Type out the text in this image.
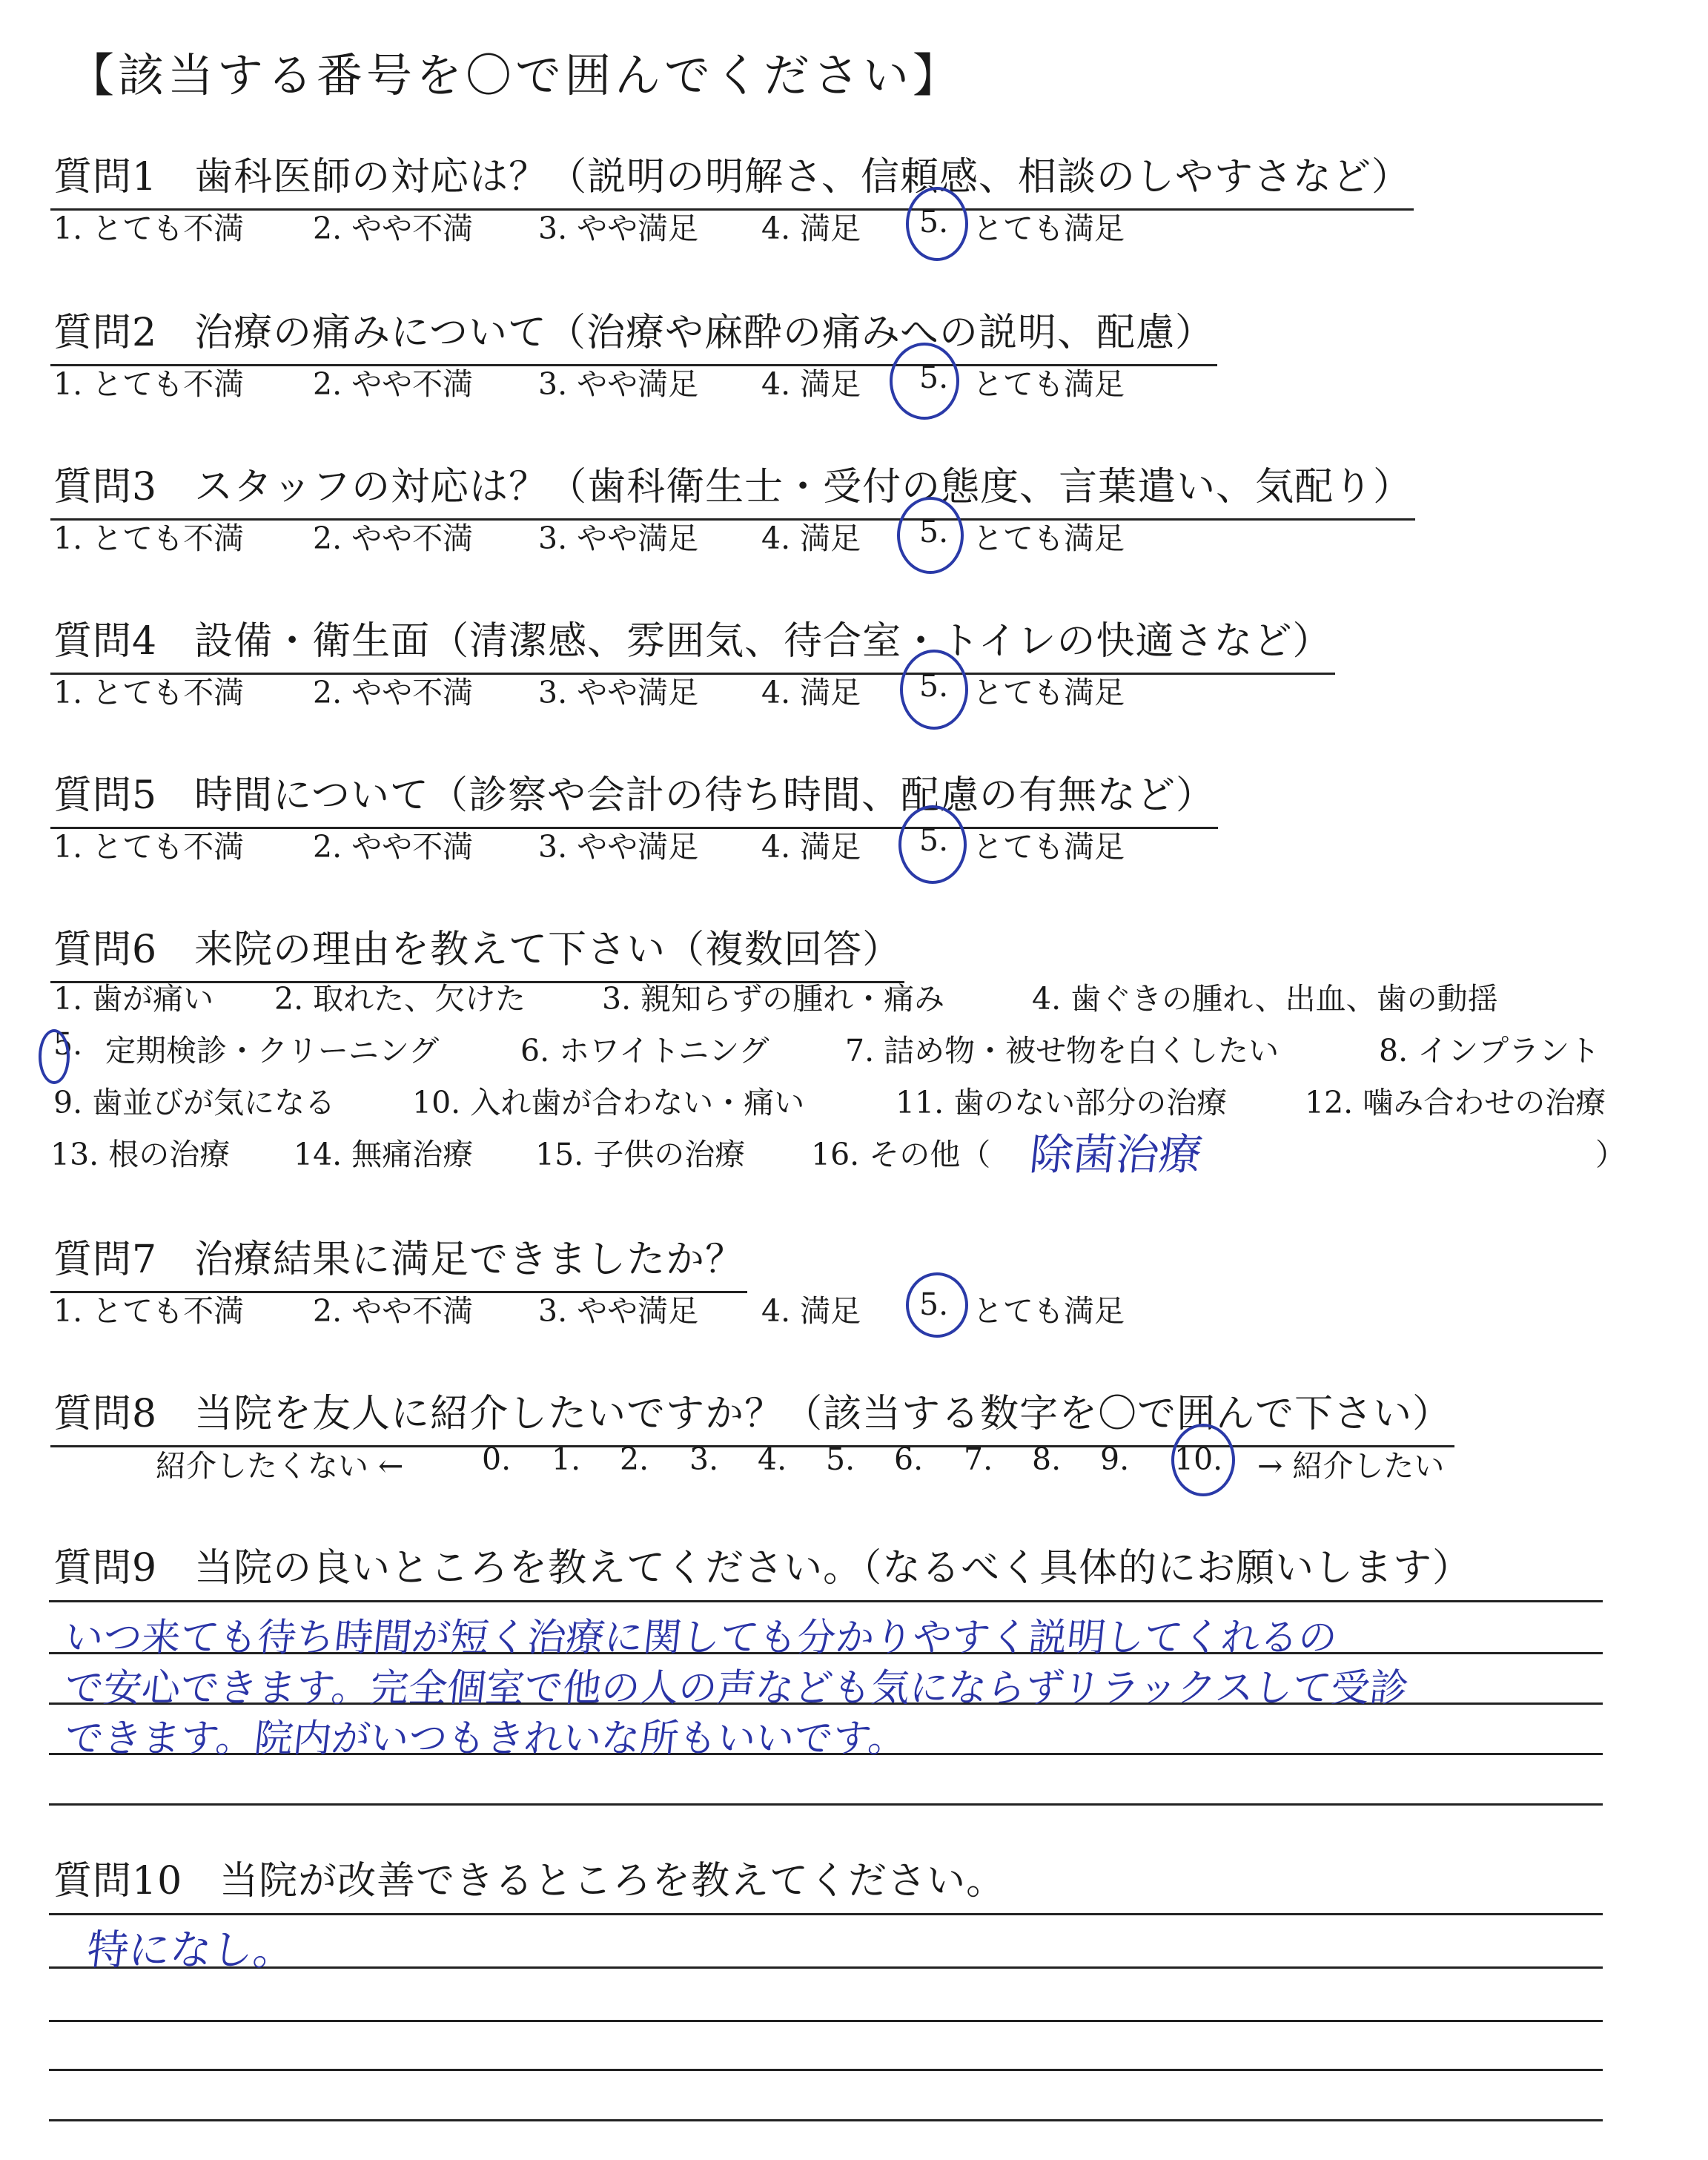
【該当する番号を〇で囲んでください】
質問1 歯科医師の対応は？（説明の明解さ、信頼感、相談のしやすさなど）
1. とても不満 2. やや不満 3. やや満足 4. 満足 5. とても満足
質問2 治療の痛みについて（治療や麻酔の痛みへの説明、配慮）
1. とても不満 2. やや不満 3. やや満足 4. 満足 5. とても満足
質問3 スタッフの対応は？（歯科衛生士・受付の態度、言葉遣い、気配り）
1. とても不満 2. やや不満 3. やや満足 4. 満足 5. とても満足
質問4 設備・衛生面（清潔感、雰囲気、待合室・トイレの快適さなど）
1. とても不満 2. やや不満 3. やや満足 4. 満足 5. とても満足
質問5 時間について（診察や会計の待ち時間、配慮の有無など）
1. とても不満 2. やや不満 3. やや満足 4. 満足 5. とても満足
質問6 来院の理由を教えて下さい（複数回答）
1. 歯が痛い 2. 取れた、欠けた	3. 親知らずの腫れ・痛み	4. 歯ぐきの腫れ、出血、歯の動揺
5. 定期検診・クリーニング	6. ホワイトニング	7. 詰め物・被せ物を白くしたい	8. インプラント
9. 歯並びが気になる	10. 入れ歯が合わない・痛い	11. 歯のない部分の治療	12. 噛み合わせの治療
13. 根の治療 14. 無痛治療 15. 子供の治療 16. その他（	）
除菌治療
質問7 治療結果に満足できましたか？
1. とても不満 2. やや不満 3. やや満足 4. 満足 5. とても満足
質問8 当院を友人に紹介したいですか？（該当する数字を〇で囲んで下さい）
紹介したくない ←	0. 1. 2. 3. 4. 5. 6. 7. 8. 9. 10. → 紹介したい
質問9 当院の良いところを教えてください。（なるべく具体的にお願いします）
いつ来ても待ち時間が短く治療に関しても分かりやすく説明してくれるの
で安心できます。完全個室で他の人の声なども気にならずリラックスして受診
できます。院内がいつもきれいな所もいいです。
質問10 当院が改善できるところを教えてください。
特になし。
